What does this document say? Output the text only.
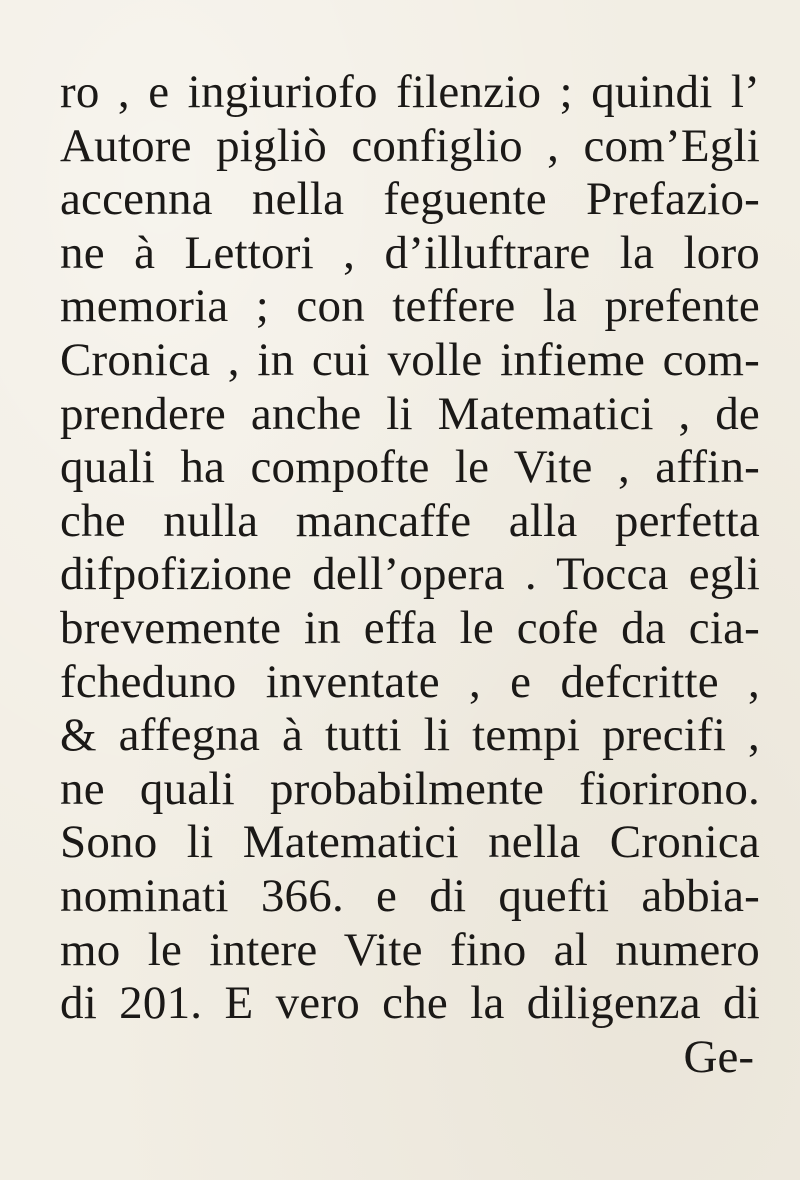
ro , e ingiuriofo filenzio ; quindi l’
Autore pigliò configlio , com’Egli
accenna nella feguente Prefazio-
ne à Lettori , d’illuftrare la loro
memoria ; con teffere la prefente
Cronica , in cui volle infieme com-
prendere anche li Matematici , de
quali ha compofte le Vite , affin-
che nulla mancaffe alla perfetta
difpofizione dell’opera . Tocca egli
brevemente in effa le cofe da cia-
fcheduno inventate , e defcritte ,
& affegna à tutti li tempi precifi ,
ne quali probabilmente fiorirono.
Sono li Matematici nella Cronica
nominati 366. e di quefti abbia-
mo le intere Vite fino al numero
di 201. E vero che la diligenza di
Ge-
